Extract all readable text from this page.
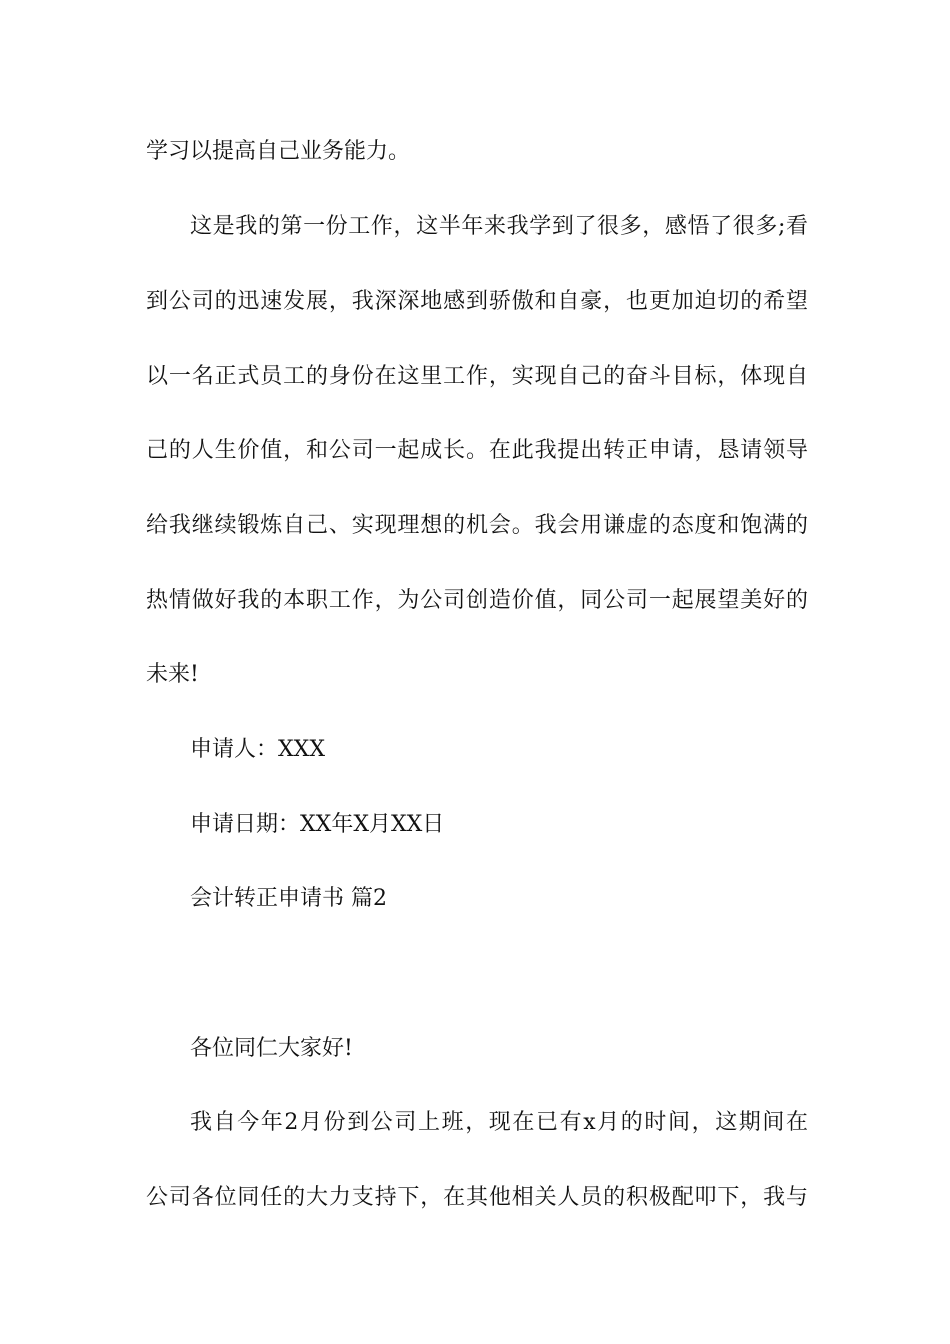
学习以提高自己业务能力。

这是我的第一份工作，这半年来我学到了很多，感悟了很多;看

到公司的迅速发展，我深深地感到骄傲和自豪，也更加迫切的希望

以一名正式员工的身份在这里工作，实现自己的奋斗目标，体现自

己的人生价值，和公司一起成长。在此我提出转正申请，恳请领导

给我继续锻炼自己、实现理想的机会。我会用谦虚的态度和饱满的

热情做好我的本职工作，为公司创造价值，同公司一起展望美好的

未来!

申请人：XXX

申请日期：XX年X月XX日

会计转正申请书 篇2

各位同仁大家好!

我自今年2月份到公司上班，现在已有x月的时间，这期间在

公司各位同任的大力支持下，在其他相关人员的积极配叩下，我与
